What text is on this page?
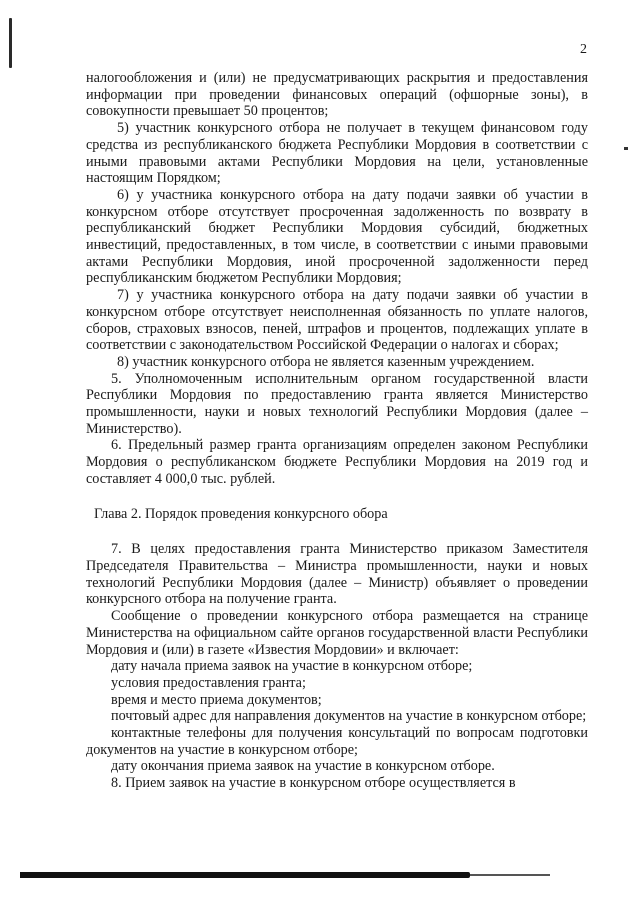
2

налогообложения и (или) не предусматривающих раскрытия и предоставления информации при проведении финансовых операций (офшорные зоны), в совокупности превышает 50 процентов;

5) участник конкурсного отбора не получает в текущем финансовом году средства из республиканского бюджета Республики Мордовия в соответствии с иными правовыми актами Республики Мордовия на цели, установленные настоящим Порядком;

6) у участника конкурсного отбора на дату подачи заявки об участии в конкурсном отборе отсутствует просроченная задолженность по возврату в республиканский бюджет Республики Мордовия субсидий, бюджетных инвестиций, предоставленных, в том числе, в соответствии с иными правовыми актами Республики Мордовия, иной просроченной задолженности перед республиканским бюджетом Республики Мордовия;

7) у участника конкурсного отбора на дату подачи заявки об участии в конкурсном отборе отсутствует неисполненная обязанность по уплате налогов, сборов, страховых взносов, пеней, штрафов и процентов, подлежащих уплате в соответствии с законодательством Российской Федерации о налогах и сборах;

8) участник конкурсного отбора не является казенным учреждением.

5. Уполномоченным исполнительным органом государственной власти Республики Мордовия по предоставлению гранта является Министерство промышленности, науки и новых технологий Республики Мордовия (далее – Министерство).

6. Предельный размер гранта организациям определен законом Республики Мордовия о республиканском бюджете Республики Мордовия на 2019 год и составляет 4 000,0 тыс. рублей.

Глава 2. Порядок проведения конкурсного обора

7. В целях предоставления гранта Министерство приказом Заместителя Председателя Правительства – Министра промышленности, науки и новых технологий Республики Мордовия (далее – Министр) объявляет о проведении конкурсного отбора на получение гранта.

Сообщение о проведении конкурсного отбора размещается на странице Министерства на официальном сайте органов государственной власти Республики Мордовия и (или) в газете «Известия Мордовии» и включает:

дату начала приема заявок на участие в конкурсном отборе;

условия предоставления гранта;

время и место приема документов;

почтовый адрес для направления документов на участие в конкурсном отборе;

контактные телефоны для получения консультаций по вопросам подготовки документов на участие в конкурсном отборе;

дату окончания приема заявок на участие в конкурсном отборе.

8. Прием заявок на участие в конкурсном отборе осуществляется в
